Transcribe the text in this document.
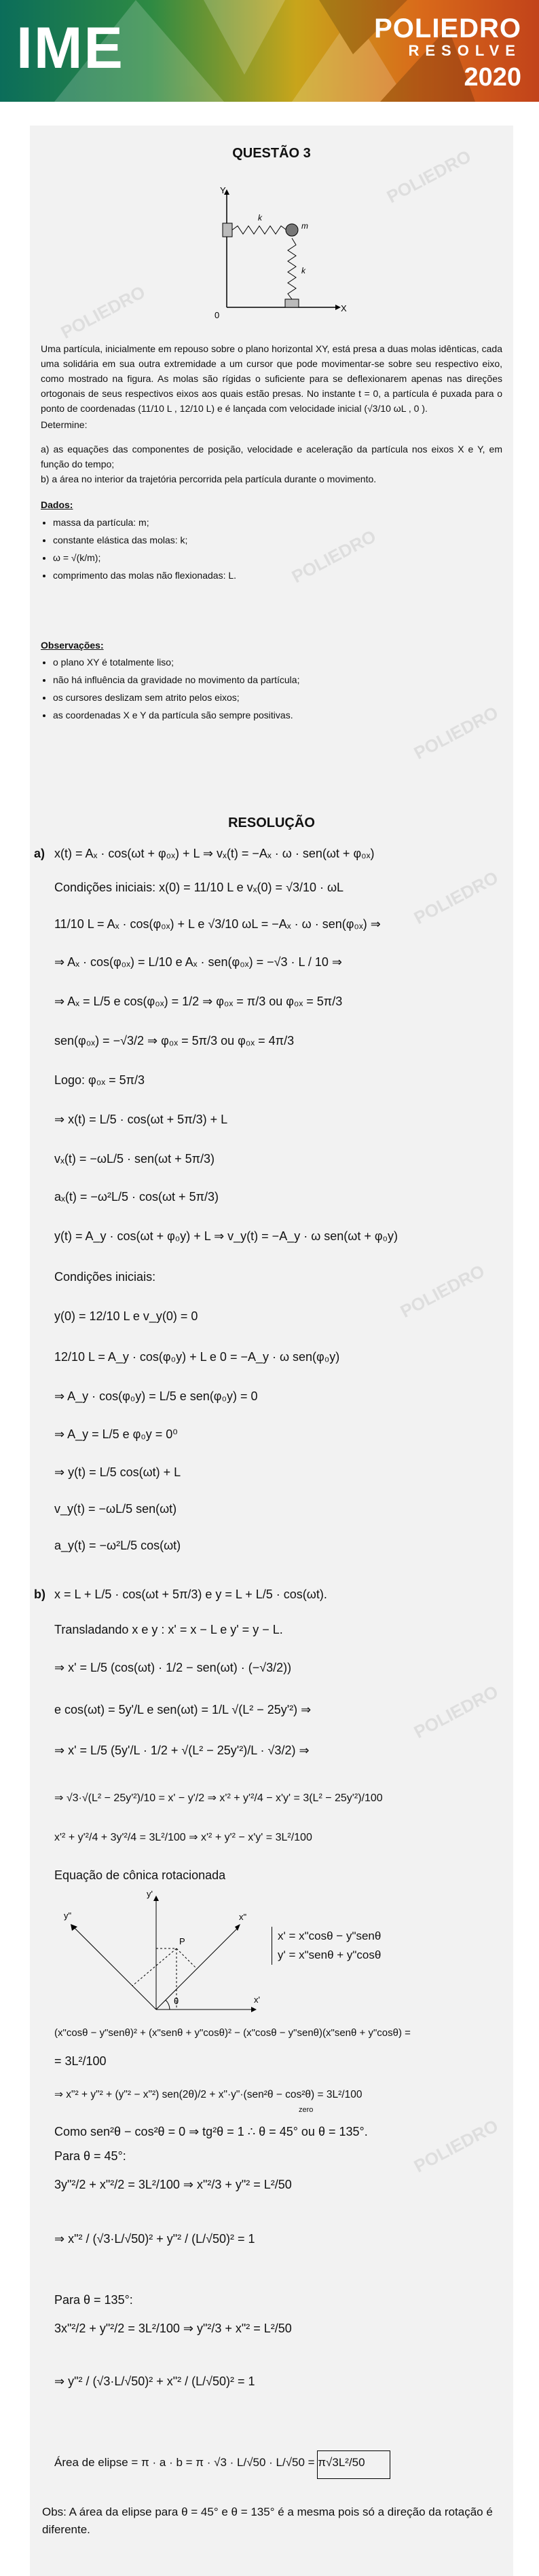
IME	POLIEDRO
RESOLVE
2020
POLIEDRO
POLIEDRO
POLIEDRO
POLIEDRO
QUESTÃO 3
Y
X
0
k
k
m
Uma partícula, inicialmente em repouso sobre o plano horizontal XY, está presa a duas molas idênticas, cada uma solidária em sua outra extremidade a um cursor que pode movimentar-se sobre seu respectivo eixo, como mostrado na figura. As molas são rígidas o suficiente para se deflexionarem apenas nas direções ortogonais de seus respectivos eixos aos quais estão presas. No instante t = 0, a partícula é puxada para o ponto de coordenadas (11/10 L , 12/10 L) e é lançada com velocidade inicial (√3/10 ωL , 0 ).
Determine:
a) as equações das componentes de posição, velocidade e aceleração da partícula nos eixos X e Y, em função do tempo;
b) a área no interior da trajetória percorrida pela partícula durante o movimento.
Dados:
• massa da partícula: m;
• constante elástica das molas: k;
• ω = √(k/m);
• comprimento das molas não flexionadas: L.
Observações:
• o plano XY é totalmente liso;
• não há influência da gravidade no movimento da partícula;
• os cursores deslizam sem atrito pelos eixos;
• as coordenadas X e Y da partícula são sempre positivas.
POLIEDRO
POLIEDRO
POLIEDRO
POLIEDRO
RESOLUÇÃO
a) x(t) = Aₓ · cos(ωt + φ₀ₓ) + L ⇒ vₓ(t) = −Aₓ · ω · sen(ωt + φ₀ₓ)
Condições iniciais: x(0) = 11/10 L e vₓ(0) = √3/10 · ωL
11/10 L = Aₓ · cos(φ₀ₓ) + L e √3/10 ωL = −Aₓ · ω · sen(φ₀ₓ) ⇒
⇒ Aₓ · cos(φ₀ₓ) = L/10 e Aₓ · sen(φ₀ₓ) = −√3 · L / 10 ⇒
⇒ Aₓ = L/5 e cos(φ₀ₓ) = 1/2 ⇒ φ₀ₓ = π/3 ou φ₀ₓ = 5π/3
sen(φ₀ₓ) = −√3/2 ⇒ φ₀ₓ = 5π/3 ou φ₀ₓ = 4π/3
Logo: φ₀ₓ = 5π/3
⇒ x(t) = L/5 · cos(ωt + 5π/3) + L
vₓ(t) = −ωL/5 · sen(ωt + 5π/3)
aₓ(t) = −ω²L/5 · cos(ωt + 5π/3)
y(t) = A_y · cos(ωt + φ₀y) + L ⇒ v_y(t) = −A_y · ω sen(ωt + φ₀y)
Condições iniciais:
y(0) = 12/10 L e v_y(0) = 0
12/10 L = A_y · cos(φ₀y) + L e 0 = −A_y · ω sen(φ₀y)
⇒ A_y · cos(φ₀y) = L/5 e sen(φ₀y) = 0
⇒ A_y = L/5 e φ₀y = 0⁰
⇒ y(t) = L/5 cos(ωt) + L
v_y(t) = −ωL/5 sen(ωt)
a_y(t) = −ω²L/5 cos(ωt)
b) x = L + L/5 · cos(ωt + 5π/3) e y = L + L/5 · cos(ωt).
Transladando x e y : x' = x − L e y' = y − L.
⇒ x' = L/5 (cos(ωt) · 1/2 − sen(ωt) · (−√3/2))
e cos(ωt) = 5y'/L e sen(ωt) = 1/L √(L² − 25y'²) ⇒
⇒ x' = L/5 (5y'/L · 1/2 + √(L² − 25y'²)/L · √3/2) ⇒
⇒ √3·√(L² − 25y'²)/10 = x' − y'/2 ⇒ x'² + y'²/4 − x'y' = 3(L² − 25y'²)/100
x'² + y'²/4 + 3y'²/4 = 3L²/100 ⇒ x'² + y'² − x'y' = 3L²/100
Equação de cônica rotacionada
y"
y'
x"
x'
P
θ
x' = x"cosθ − y"senθ
y' = x"senθ + y"cosθ
(x"cosθ − y"senθ)² + (x"senθ + y"cosθ)² − (x"cosθ − y"senθ)(x"senθ + y"cosθ) =
= 3L²/100
⇒ x"² + y"² + (y"² − x"²) sen(2θ)/2 + x"·y"·(sen²θ − cos²θ) = 3L²/100
zero
Como sen²θ − cos²θ = 0 ⇒ tg²θ = 1 ∴ θ = 45° ou θ = 135°.
Para θ = 45°:
3y"²/2 + x"²/2 = 3L²/100 ⇒ x"²/3 + y"² = L²/50
⇒ x"² / (√3·L/√50)² + y"² / (L/√50)² = 1
Para θ = 135°:
3x"²/2 + y"²/2 = 3L²/100 ⇒ y"²/3 + x"² = L²/50
⇒ y"² / (√3·L/√50)² + x"² / (L/√50)² = 1
Área de elipse = π · a · b = π · √3 · L/√50 · L/√50 = π√3L²/50
Obs: A área da elipse para θ = 45° e θ = 135° é a mesma pois só a direção da rotação é diferente.
